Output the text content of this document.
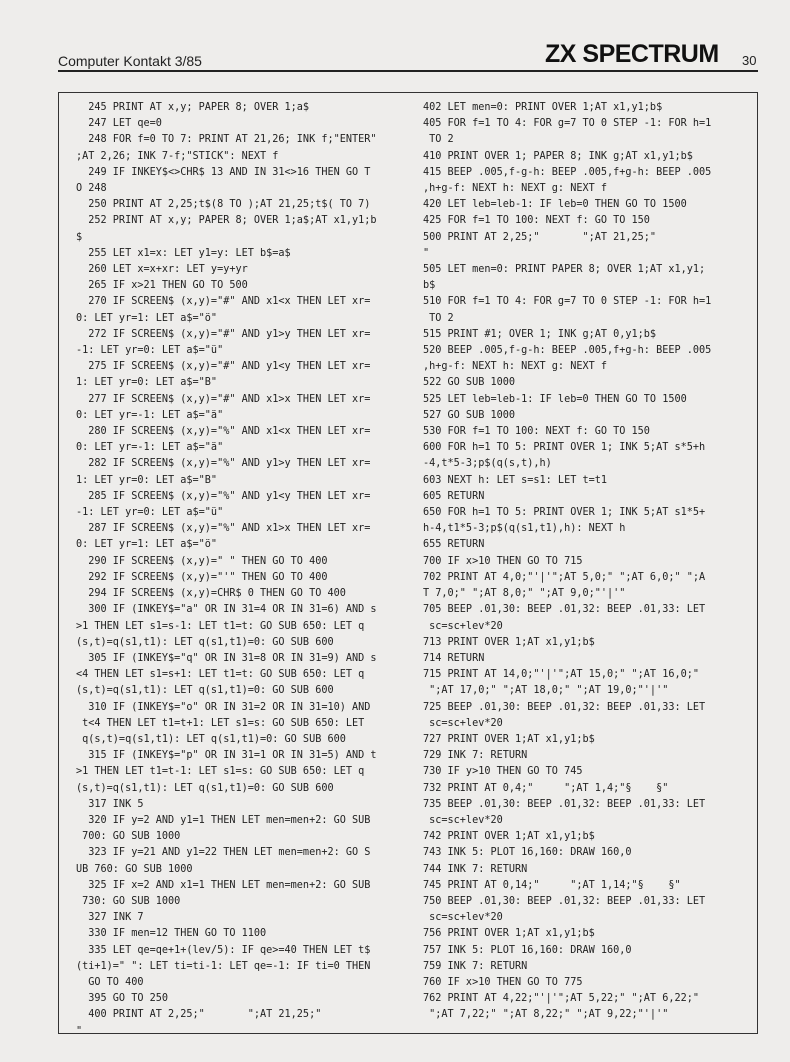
Computer Kontakt 3/85	ZX SPECTRUM 30
245 PRINT AT x,y; PAPER 8; OVER 1;a$
247 LET qe=0
248 FOR f=0 TO 7: PRINT AT 21,26; INK f;"ENTER"
;AT 2,26; INK 7-f;"STICK": NEXT f
249 IF INKEY$<>CHR$ 13 AND IN 31<>16 THEN GO T
O 248
250 PRINT AT 2,25;t$(8 TO );AT 21,25;t$( TO 7)
252 PRINT AT x,y; PAPER 8; OVER 1;a$;AT x1,y1;b
$
255 LET x1=x: LET y1=y: LET b$=a$
260 LET x=x+xr: LET y=y+yr
265 IF x>21 THEN GO TO 500
270 IF SCREEN$ (x,y)="#" AND x1<x THEN LET xr=
0: LET yr=1: LET a$="ö"
272 IF SCREEN$ (x,y)="#" AND y1>y THEN LET xr=
-1: LET yr=0: LET a$="ü"
275 IF SCREEN$ (x,y)="#" AND y1<y THEN LET xr=
1: LET yr=0: LET a$="B"
277 IF SCREEN$ (x,y)="#" AND x1>x THEN LET xr=
0: LET yr=-1: LET a$="ä"
280 IF SCREEN$ (x,y)="%" AND x1<x THEN LET xr=
0: LET yr=-1: LET a$="ä"
282 IF SCREEN$ (x,y)="%" AND y1>y THEN LET xr=
1: LET yr=0: LET a$="B"
285 IF SCREEN$ (x,y)="%" AND y1<y THEN LET xr=
-1: LET yr=0: LET a$="ü"
287 IF SCREEN$ (x,y)="%" AND x1>x THEN LET xr=
0: LET yr=1: LET a$="ö"
290 IF SCREEN$ (x,y)=" " THEN GO TO 400
292 IF SCREEN$ (x,y)="'" THEN GO TO 400
294 IF SCREEN$ (x,y)=CHR$ 0 THEN GO TO 400
300 IF (INKEY$="a" OR IN 31=4 OR IN 31=6) AND s
>1 THEN LET s1=s-1: LET t1=t: GO SUB 650: LET q
(s,t)=q(s1,t1): LET q(s1,t1)=0: GO SUB 600
305 IF (INKEY$="q" OR IN 31=8 OR IN 31=9) AND s
<4 THEN LET s1=s+1: LET t1=t: GO SUB 650: LET q
(s,t)=q(s1,t1): LET q(s1,t1)=0: GO SUB 600
310 IF (INKEY$="o" OR IN 31=2 OR IN 31=10) AND
t<4 THEN LET t1=t+1: LET s1=s: GO SUB 650: LET
q(s,t)=q(s1,t1): LET q(s1,t1)=0: GO SUB 600
315 IF (INKEY$="p" OR IN 31=1 OR IN 31=5) AND t
>1 THEN LET t1=t-1: LET s1=s: GO SUB 650: LET q
(s,t)=q(s1,t1): LET q(s1,t1)=0: GO SUB 600
317 INK 5
320 IF y=2 AND y1=1 THEN LET men=men+2: GO SUB
700: GO SUB 1000
323 IF y=21 AND y1=22 THEN LET men=men+2: GO S
UB 760: GO SUB 1000
325 IF x=2 AND x1=1 THEN LET men=men+2: GO SUB
730: GO SUB 1000
327 INK 7
330 IF men=12 THEN GO TO 1100
335 LET qe=qe+1+(lev/5): IF qe>=40 THEN LET t$
(ti+1)=" ": LET ti=ti-1: LET qe=-1: IF ti=0 THEN
GO TO 400
395 GO TO 250
400 PRINT AT 2,25;"       ";AT 21,25;"
"
402 LET men=0: PRINT OVER 1;AT x1,y1;b$
405 FOR f=1 TO 4: FOR g=7 TO 0 STEP -1: FOR h=1
TO 2
410 PRINT OVER 1; PAPER 8; INK g;AT x1,y1;b$
415 BEEP .005,f-g-h: BEEP .005,f+g-h: BEEP .005
,h+g-f: NEXT h: NEXT g: NEXT f
420 LET leb=leb-1: IF leb=0 THEN GO TO 1500
425 FOR f=1 TO 100: NEXT f: GO TO 150
500 PRINT AT 2,25;"       ";AT 21,25;"
"
505 LET men=0: PRINT PAPER 8; OVER 1;AT x1,y1;
b$
510 FOR f=1 TO 4: FOR g=7 TO 0 STEP -1: FOR h=1
TO 2
515 PRINT #1; OVER 1; INK g;AT 0,y1;b$
520 BEEP .005,f-g-h: BEEP .005,f+g-h: BEEP .005
,h+g-f: NEXT h: NEXT g: NEXT f
522 GO SUB 1000
525 LET leb=leb-1: IF leb=0 THEN GO TO 1500
527 GO SUB 1000
530 FOR f=1 TO 100: NEXT f: GO TO 150
600 FOR h=1 TO 5: PRINT OVER 1; INK 5;AT s*5+h
-4,t*5-3;p$(q(s,t),h)
603 NEXT h: LET s=s1: LET t=t1
605 RETURN
650 FOR h=1 TO 5: PRINT OVER 1; INK 5;AT s1*5+
h-4,t1*5-3;p$(q(s1,t1),h): NEXT h
655 RETURN
700 IF x>10 THEN GO TO 715
702 PRINT AT 4,0;"'|'";AT 5,0;" ";AT 6,0;" ";A
T 7,0;" ";AT 8,0;" ";AT 9,0;"'|'"
705 BEEP .01,30: BEEP .01,32: BEEP .01,33: LET
sc=sc+lev*20
713 PRINT OVER 1;AT x1,y1;b$
714 RETURN
715 PRINT AT 14,0;"'|'";AT 15,0;" ";AT 16,0;"
";AT 17,0;" ";AT 18,0;" ";AT 19,0;"'|'"
725 BEEP .01,30: BEEP .01,32: BEEP .01,33: LET
sc=sc+lev*20
727 PRINT OVER 1;AT x1,y1;b$
729 INK 7: RETURN
730 IF y>10 THEN GO TO 745
732 PRINT AT 0,4;"     ";AT 1,4;"§    §"
735 BEEP .01,30: BEEP .01,32: BEEP .01,33: LET
sc=sc+lev*20
742 PRINT OVER 1;AT x1,y1;b$
743 INK 5: PLOT 16,160: DRAW 160,0
744 INK 7: RETURN
745 PRINT AT 0,14;"     ";AT 1,14;"§    §"
750 BEEP .01,30: BEEP .01,32: BEEP .01,33: LET
sc=sc+lev*20
756 PRINT OVER 1;AT x1,y1;b$
757 INK 5: PLOT 16,160: DRAW 160,0
759 INK 7: RETURN
760 IF x>10 THEN GO TO 775
762 PRINT AT 4,22;"'|'";AT 5,22;" ";AT 6,22;"
";AT 7,22;" ";AT 8,22;" ";AT 9,22;"'|'"
